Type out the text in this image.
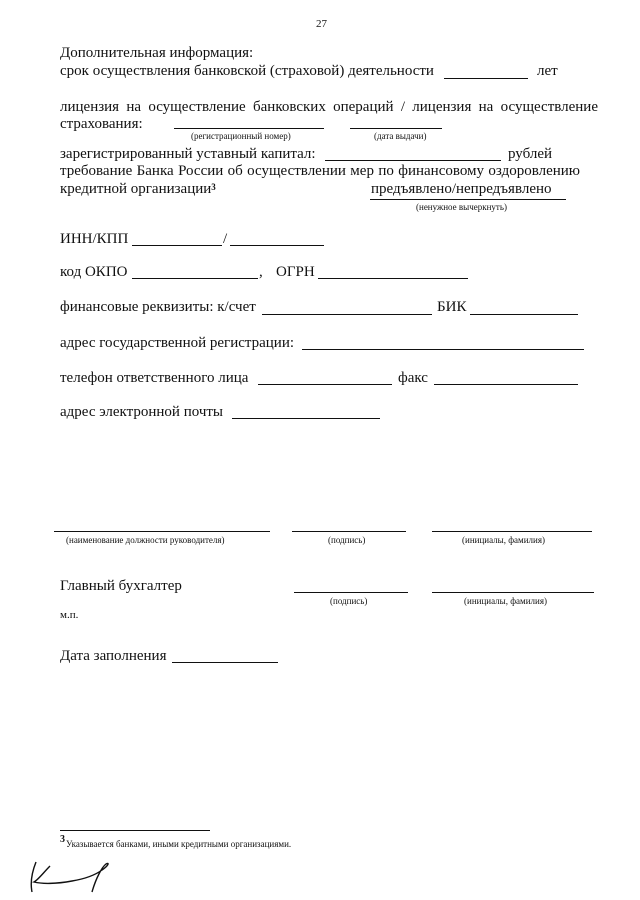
27
Дополнительная информация:
срок осуществления банковской (страховой) деятельности	лет
лицензия на осуществление банковских операций / лицензия на осуществление
страхования:
(регистрационный номер)	(дата выдачи)
зарегистрированный уставный капитал:	рублей
требование Банка России об осуществлении мер по финансовому оздоровлению
кредитной организации$^3$	предъявлено/непредъявлено
(ненужное вычеркнуть)
ИНН/КПП	/
код ОКПО	, ОГРН
финансовые реквизиты: к/счет	БИК
адрес государственной регистрации:
телефон ответственного лица	факс
адрес электронной почты
(наименование должности руководителя)	(подпись)	(инициалы, фамилия)
Главный бухгалтер
(подпись)	(инициалы, фамилия)
м.п.
Дата заполнения
3 Указывается банками, иными кредитными организациями.
